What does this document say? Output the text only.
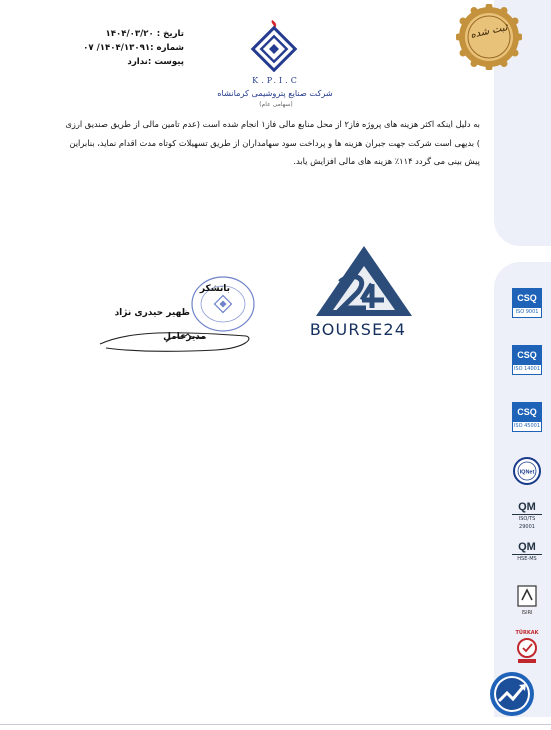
ثبت شده
تاریخ : ۱۴۰۴/۰۳/۲۰
شماره :۱۴۰۴/۱۳۰۹۱/ ۰۷
پیوست :ندارد
K.P.I.C
شرکت صنایع پتروشیمی کرمانشاه
(سهامی عام)
به دلیل اینکه اکثر هزینه های پروژه فاز۲ از محل منابع مالی فاز۱ انجام شده است (عدم تامین مالی از طریق صندیق ارزی
) بدیهی است شرکت جهت جبران هزینه ها و پرداخت سود سهامداران از طریق تسهیلات کوتاه مدت اقدام نماید، بنابراین
پیش بینی می گردد ۱۱۴٪ هزینه های مالی افزایش یابد.
باتشکر
ظهیر حیدری نژاد
مدیرعامل	BOURSE24
CSQ
ISO 9001
CSQ
ISO 14001
CSQ
ISO 45001
IQNet
QM
ISO/TS 29001
QM
HSE-MS
ISIRI
TÜRKAK
